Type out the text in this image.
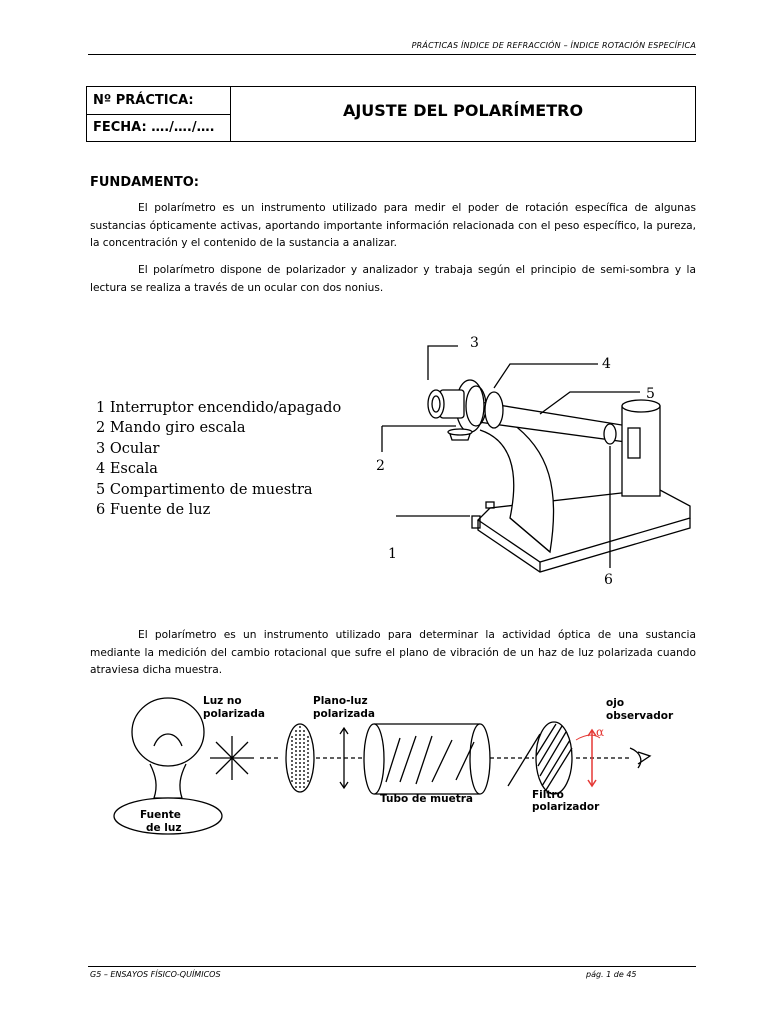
PRÁCTICAS ÍNDICE DE REFRACCIÓN – ÍNDICE ROTACIÓN ESPECÍFICA
Nº PRÁCTICA:
FECHA: …./…./….
AJUSTE DEL POLARÍMETRO
FUNDAMENTO:

El polarímetro es un instrumento utilizado para medir el poder de rotación específica de algunas sustancias ópticamente activas, aportando importante información relacionada con el peso específico, la pureza, la concentración y el contenido de la sustancia a analizar.

El polarímetro dispone de polarizador y analizador y trabaja según el principio de semi-sombra y la lectura se realiza a través de un ocular con dos nonius.

1 Interruptor encendido/apagado
2 Mando giro escala
3 Ocular
4 Escala
5 Compartimento de muestra
6 Fuente de luz
3
4
5
2
1
6

El polarímetro es un instrumento utilizado para determinar la actividad óptica de una sustancia mediante la medición del cambio rotacional que sufre el plano de vibración de un haz de luz polarizada cuando atraviesa dicha muestra.

α
Luz no
polarizada
Plano-luz
polarizada
Tubo de muetra	Filtro
polarizador
ojo
observador
Fuente
de luz
G5 – ENSAYOS FÍSICO-QUÍMICOS	pág. 1 de 45
